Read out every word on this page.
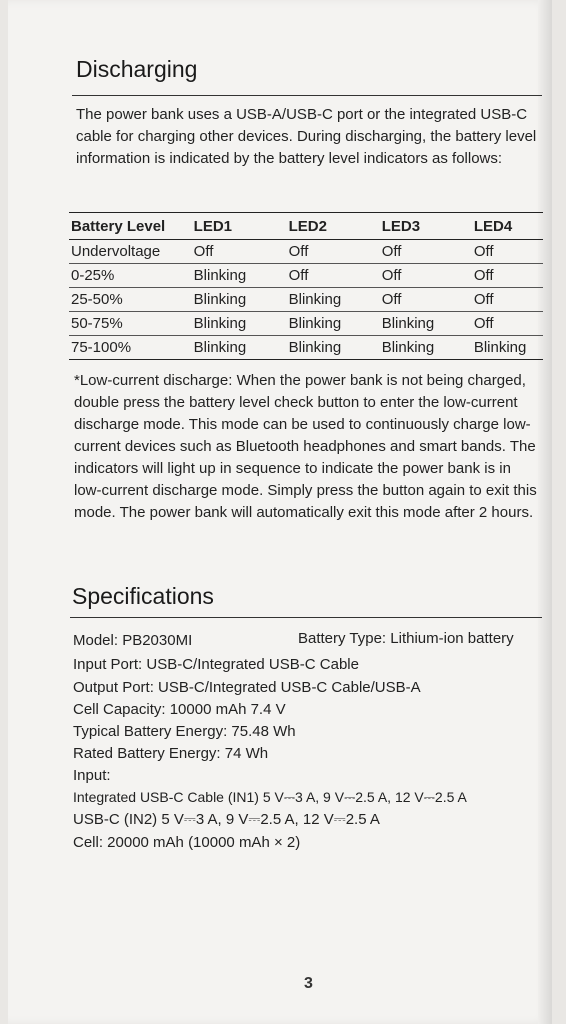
Discharging
The power bank uses a USB-A/USB-C port or the integrated USB-C cable for charging other devices. During discharging, the battery level information is indicated by the battery level indicators as follows:
Battery Level	LED1	LED2	LED3	LED4
Undervoltage	Off	Off	Off	Off
0-25%	Blinking	Off	Off	Off
25-50%	Blinking	Blinking	Off	Off
50-75%	Blinking	Blinking	Blinking	Off
75-100%	Blinking	Blinking	Blinking	Blinking
*Low-current discharge: When the power bank is not being charged, double press the battery level check button to enter the low-current discharge mode. This mode can be used to continuously charge low-current devices such as Bluetooth headphones and smart bands. The indicators will light up in sequence to indicate the power bank is in low-current discharge mode. Simply press the button again to exit this mode. The power bank will automatically exit this mode after 2 hours.
Specifications
Model: PB2030MI	Battery Type: Lithium-ion battery
Input Port: USB-C/Integrated USB-C Cable
Output Port: USB-C/Integrated USB-C Cable/USB-A
Cell Capacity: 10000 mAh 7.4 V
Typical Battery Energy: 75.48 Wh
Rated Battery Energy: 74 Wh
Input:
Integrated USB-C Cable (IN1) 5 V⎓3 A, 9 V⎓2.5 A, 12 V⎓2.5 A
USB-C (IN2) 5 V⎓3 A, 9 V⎓2.5 A, 12 V⎓2.5 A
Cell: 20000 mAh (10000 mAh × 2)
3
